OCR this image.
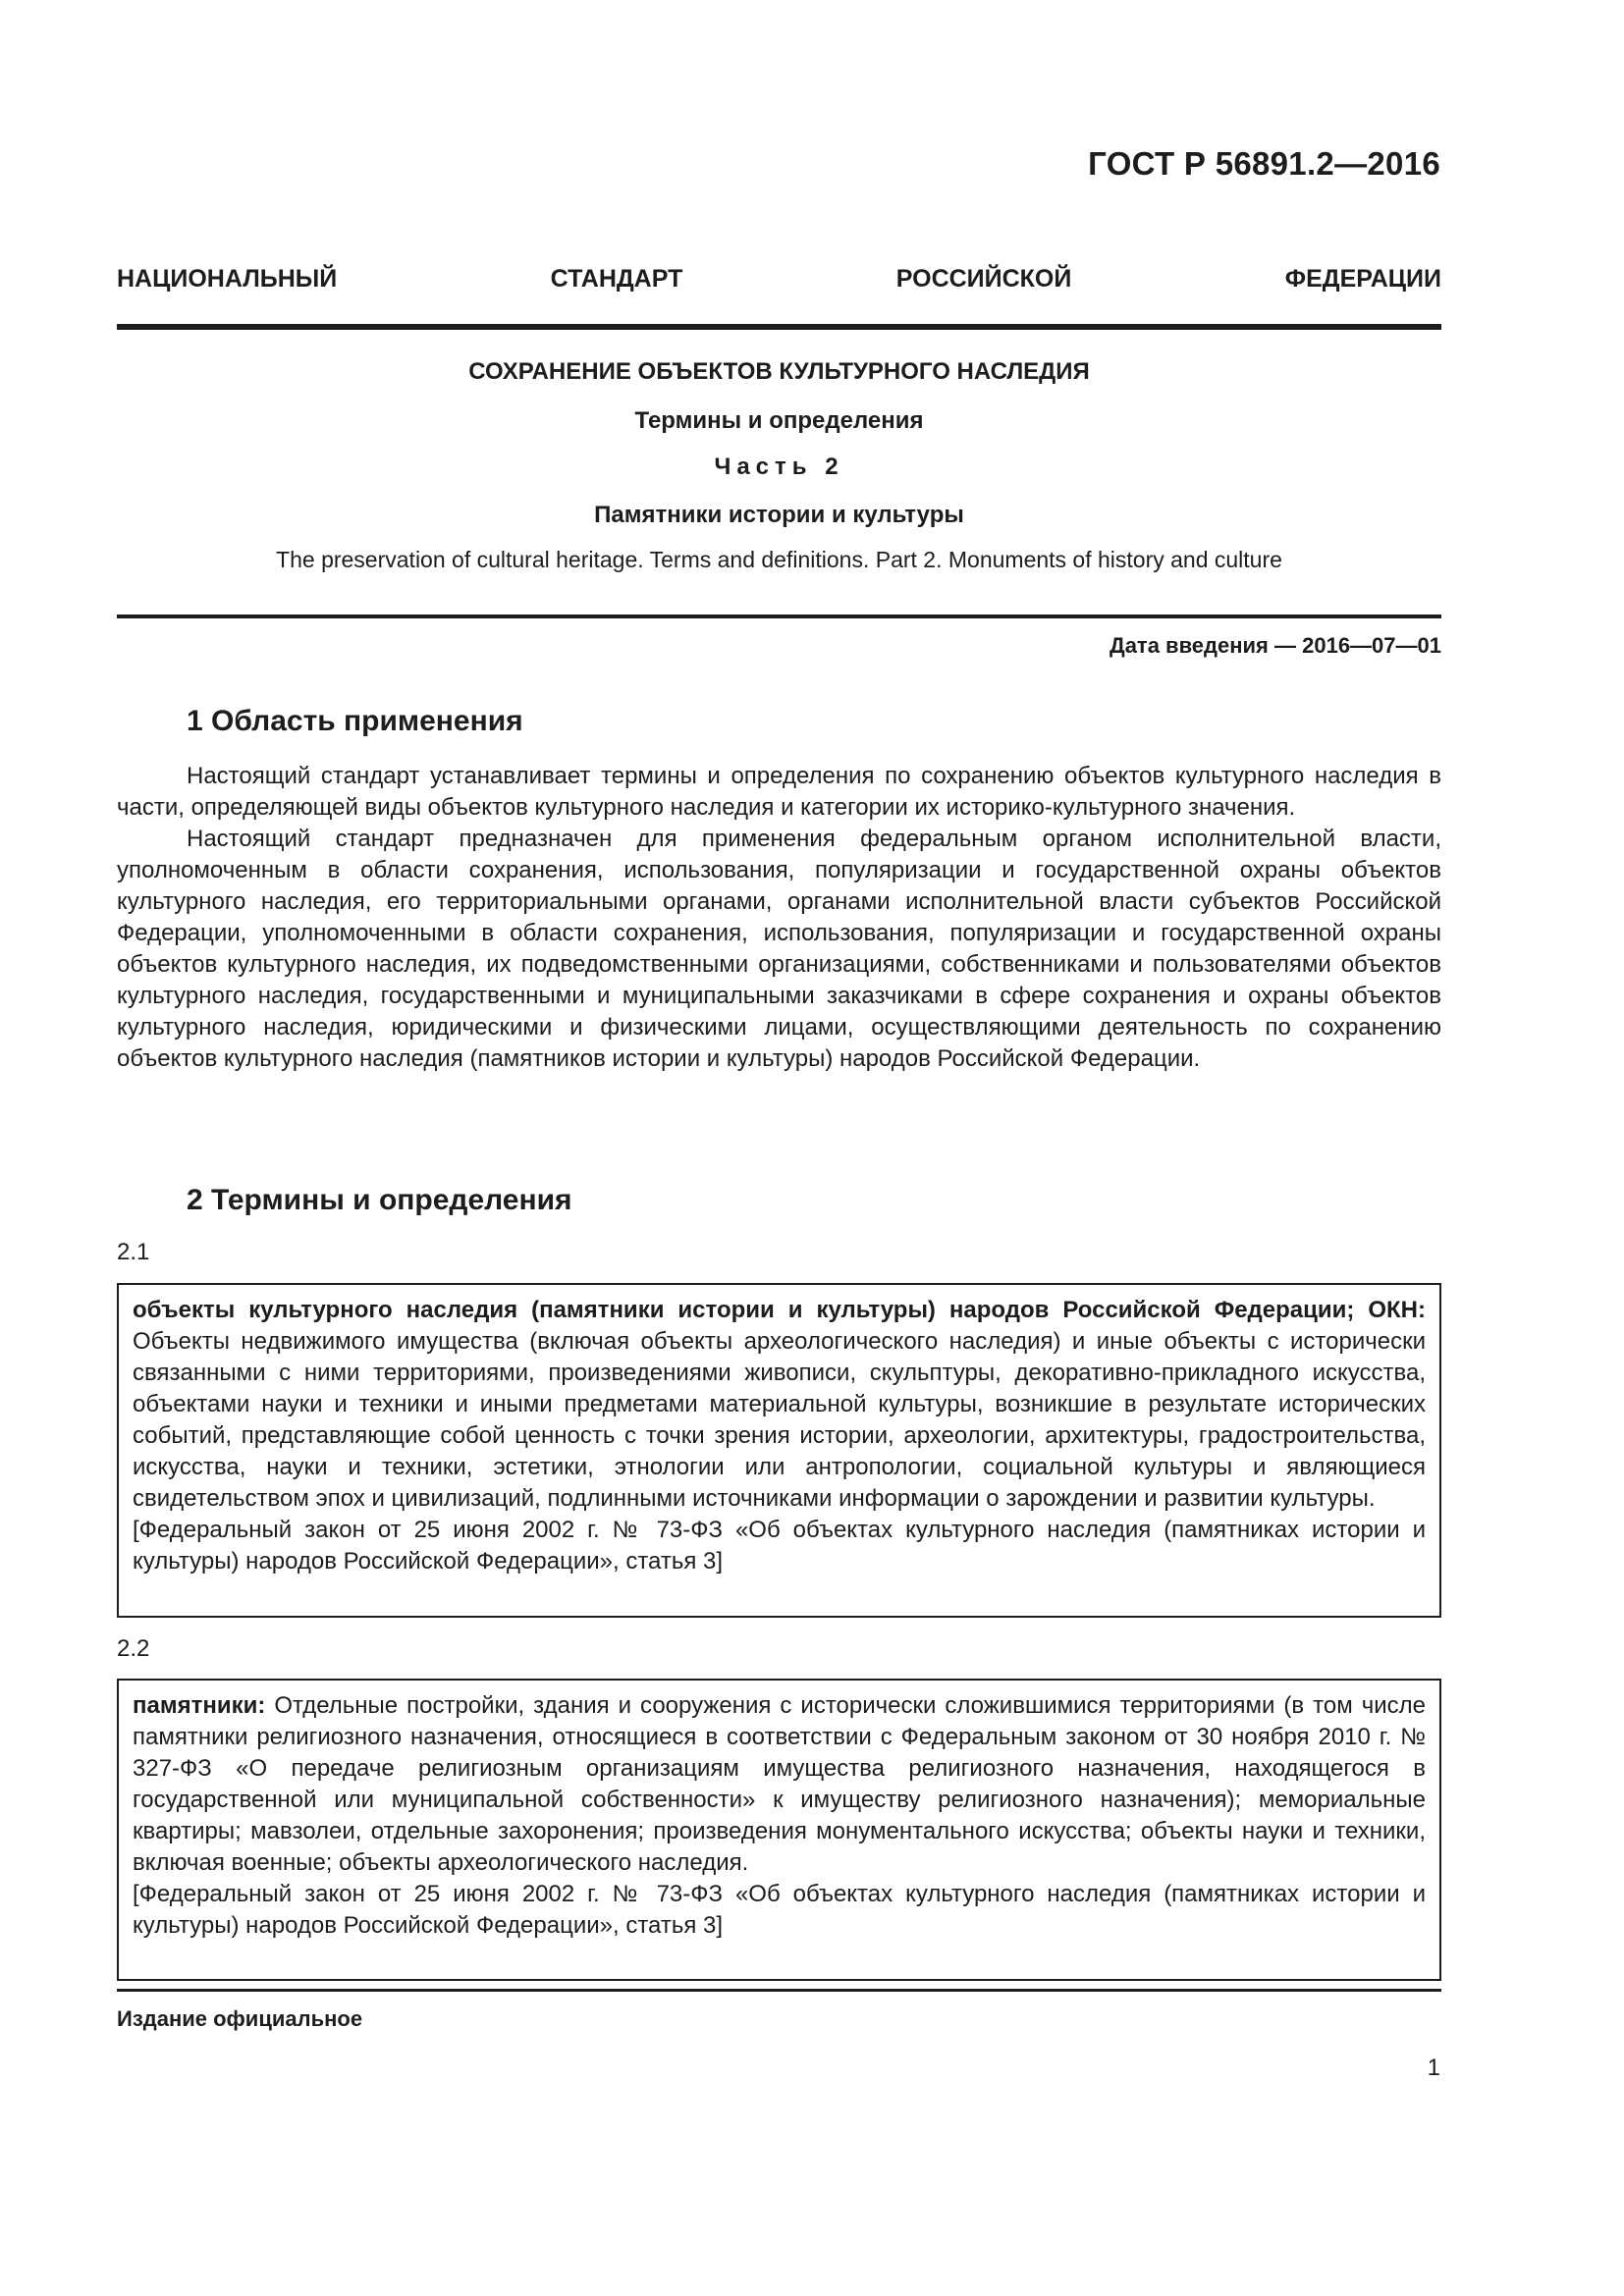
ГОСТ Р 56891.2—2016
НАЦИОНАЛЬНЫЙ СТАНДАРТ РОССИЙСКОЙ ФЕДЕРАЦИИ
СОХРАНЕНИЕ ОБЪЕКТОВ КУЛЬТУРНОГО НАСЛЕДИЯ
Термины и определения
Часть 2
Памятники истории и культуры
The preservation of cultural heritage. Terms and definitions. Part 2. Monuments of history and culture
Дата введения — 2016—07—01
1 Область применения

Настоящий стандарт устанавливает термины и определения по сохранению объектов культурного наследия в части, определяющей виды объектов культурного наследия и категории их историко-культурного значения.

Настоящий стандарт предназначен для применения федеральным органом исполнительной власти, уполномоченным в области сохранения, использования, популяризации и государственной охраны объектов культурного наследия, его территориальными органами, органами исполнительной власти субъектов Российской Федерации, уполномоченными в области сохранения, использования, популяризации и государственной охраны объектов культурного наследия, их подведомственными организациями, собственниками и пользователями объектов культурного наследия, государственными и муниципальными заказчиками в сфере сохранения и охраны объектов культурного наследия, юридическими и физическими лицами, осуществляющими деятельность по сохранению объектов культурного наследия (памятников истории и культуры) народов Российской Федерации.

2 Термины и определения
2.1
объекты культурного наследия (памятники истории и культуры) народов Российской Федерации; ОКН: Объекты недвижимого имущества (включая объекты археологического наследия) и иные объекты с исторически связанными с ними территориями, произведениями живописи, скульптуры, декоративно-прикладного искусства, объектами науки и техники и иными предметами материальной культуры, возникшие в результате исторических событий, представляющие собой ценность с точки зрения истории, археологии, архитектуры, градостроительства, искусства, науки и техники, эстетики, этнологии или антропологии, социальной культуры и являющиеся свидетельством эпох и цивилизаций, подлинными источниками информации о зарождении и развитии культуры.
[Федеральный закон от 25 июня 2002 г. № 73-ФЗ «Об объектах культурного наследия (памятниках истории и культуры) народов Российской Федерации», статья 3]
2.2
памятники: Отдельные постройки, здания и сооружения с исторически сложившимися территориями (в том числе памятники религиозного назначения, относящиеся в соответствии с Федеральным законом от 30 ноября 2010 г. № 327-ФЗ «О передаче религиозным организациям имущества религиозного назначения, находящегося в государственной или муниципальной собственности» к имуществу религиозного назначения); мемориальные квартиры; мавзолеи, отдельные захоронения; произведения монументального искусства; объекты науки и техники, включая военные; объекты археологического наследия.
[Федеральный закон от 25 июня 2002 г. № 73-ФЗ «Об объектах культурного наследия (памятниках истории и культуры) народов Российской Федерации», статья 3]
Издание официальное
1
